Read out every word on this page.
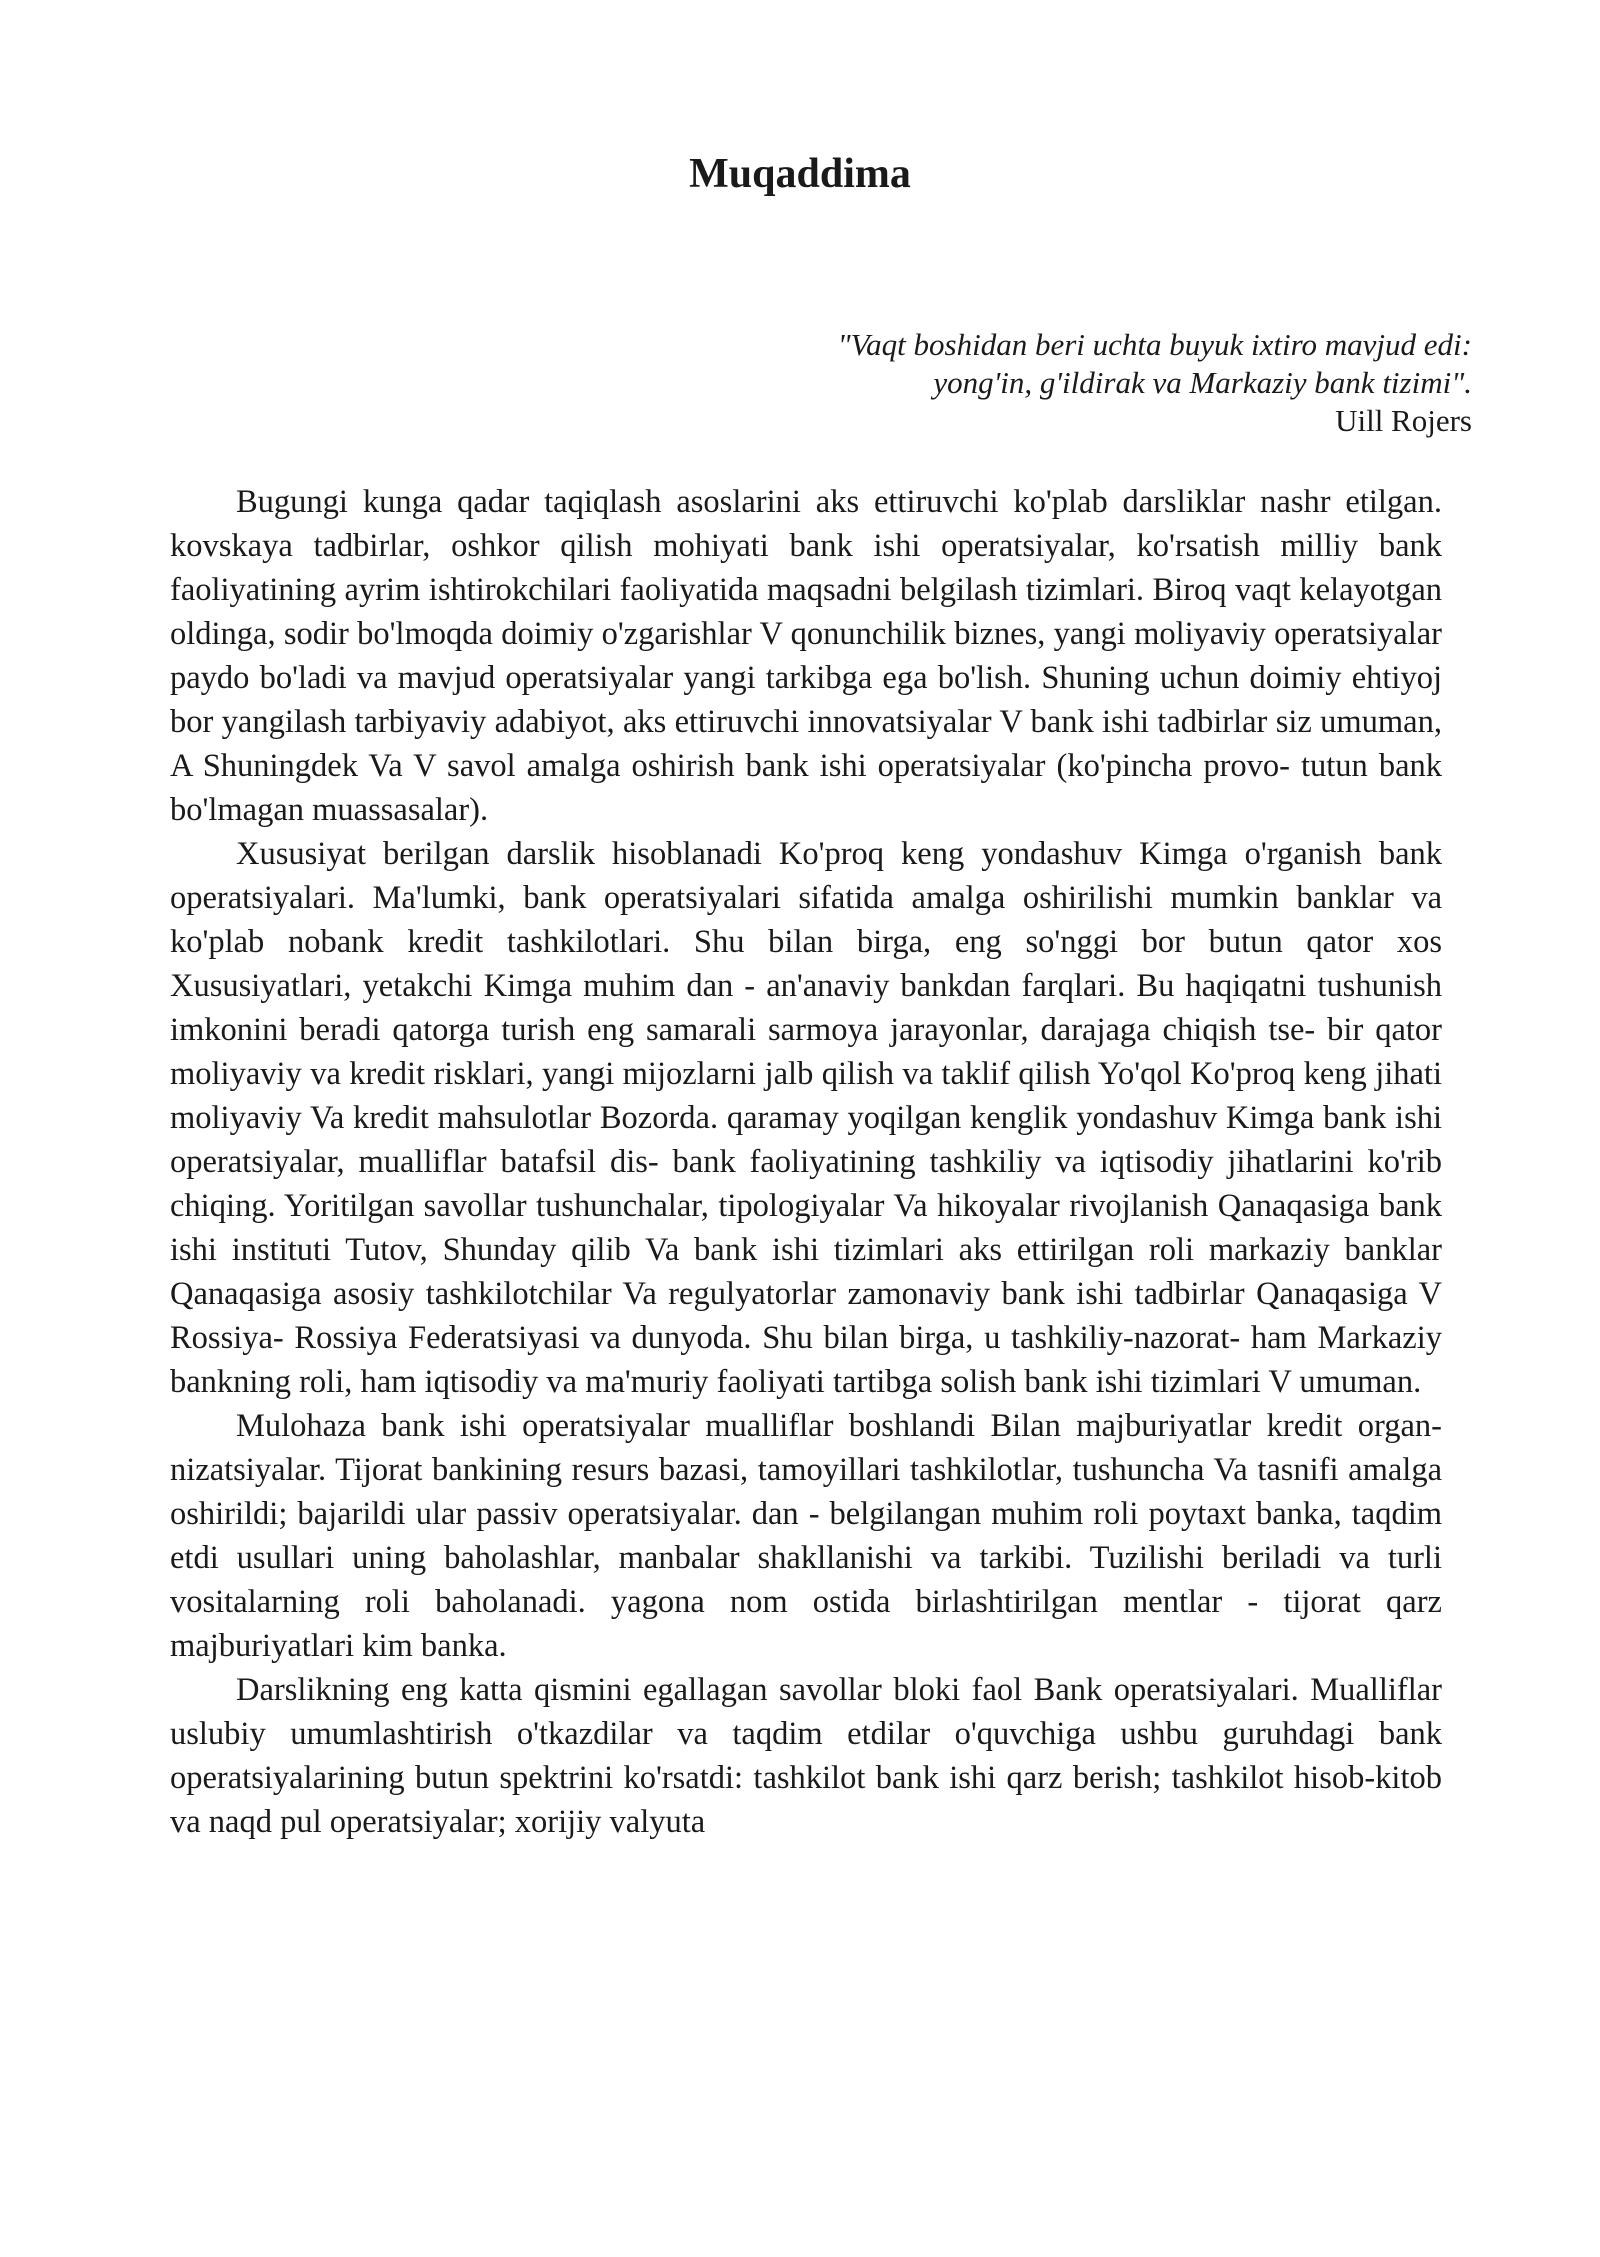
Muqaddima
"Vaqt boshidan beri uchta buyuk ixtiro mavjud edi:
yong'in, g'ildirak va Markaziy bank tizimi".
Uill Rojers

Bugungi kunga qadar taqiqlash asoslarini aks ettiruvchi ko'plab darsliklar nashr etilgan. kovskaya tadbirlar, oshkor qilish mohiyati bank ishi operatsiyalar, ko'rsatish milliy bank faoliyatining ayrim ishtirokchilari faoliyatida maqsadni belgilash tizimlari. Biroq vaqt kelayotgan oldinga, sodir bo'lmoqda doimiy o'zgarishlar V qonunchilik biznes, yangi moliyaviy operatsiyalar paydo bo'ladi va mavjud operatsiyalar yangi tarkibga ega bo'lish. Shuning uchun doimiy ehtiyoj bor yangilash tarbiyaviy adabiyot, aks ettiruvchi innovatsiyalar V bank ishi tadbirlar siz umuman, A Shuningdek Va V savol amalga oshirish bank ishi operatsiyalar (ko'pincha provo- tutun bank bo'lmagan muassasalar).

Xususiyat berilgan darslik hisoblanadi Ko'proq keng yondashuv Kimga o'rganish bank operatsiyalari. Ma'lumki, bank operatsiyalari sifatida amalga oshirilishi mumkin banklar va ko'plab nobank kredit tashkilotlari. Shu bilan birga, eng so'nggi bor butun qator xos Xususiyatlari, yetakchi Kimga muhim dan - an'anaviy bankdan farqlari. Bu haqiqatni tushunish imkonini beradi qatorga turish eng samarali sarmoya jarayonlar, darajaga chiqish tse- bir qator moliyaviy va kredit risklari, yangi mijozlarni jalb qilish va taklif qilish Yo'qol Ko'proq keng jihati moliyaviy Va kredit mahsulotlar Bozorda. qaramay yoqilgan kenglik yondashuv Kimga bank ishi operatsiyalar, mualliflar batafsil dis- bank faoliyatining tashkiliy va iqtisodiy jihatlarini ko'rib chiqing. Yoritilgan savollar tushunchalar, tipologiyalar Va hikoyalar rivojlanish Qanaqasiga bank ishi instituti Tutov, Shunday qilib Va bank ishi tizimlari aks ettirilgan roli markaziy banklar Qanaqasiga asosiy tashkilotchilar Va regulyatorlar zamonaviy bank ishi tadbirlar Qanaqasiga V Rossiya- Rossiya Federatsiyasi va dunyoda. Shu bilan birga, u tashkiliy-nazorat- ham Markaziy bankning roli, ham iqtisodiy va ma'muriy faoliyati tartibga solish bank ishi tizimlari V umuman.

Mulohaza bank ishi operatsiyalar mualliflar boshlandi Bilan majburiyatlar kredit organ- nizatsiyalar. Tijorat bankining resurs bazasi, tamoyillari tashkilotlar, tushuncha Va tasnifi amalga oshirildi; bajarildi ular passiv operatsiyalar. dan - belgilangan muhim roli poytaxt banka, taqdim etdi usullari uning baholashlar, manbalar shakllanishi va tarkibi. Tuzilishi beriladi va turli vositalarning roli baholanadi. yagona nom ostida birlashtirilgan mentlar - tijorat qarz majburiyatlari kim banka.

Darslikning eng katta qismini egallagan savollar bloki faol Bank operatsiyalari. Mualliflar uslubiy umumlashtirish o'tkazdilar va taqdim etdilar o'quvchiga ushbu guruhdagi bank operatsiyalarining butun spektrini ko'rsatdi: tashkilot bank ishi qarz berish; tashkilot hisob-kitob va naqd pul operatsiyalar; xorijiy valyuta
